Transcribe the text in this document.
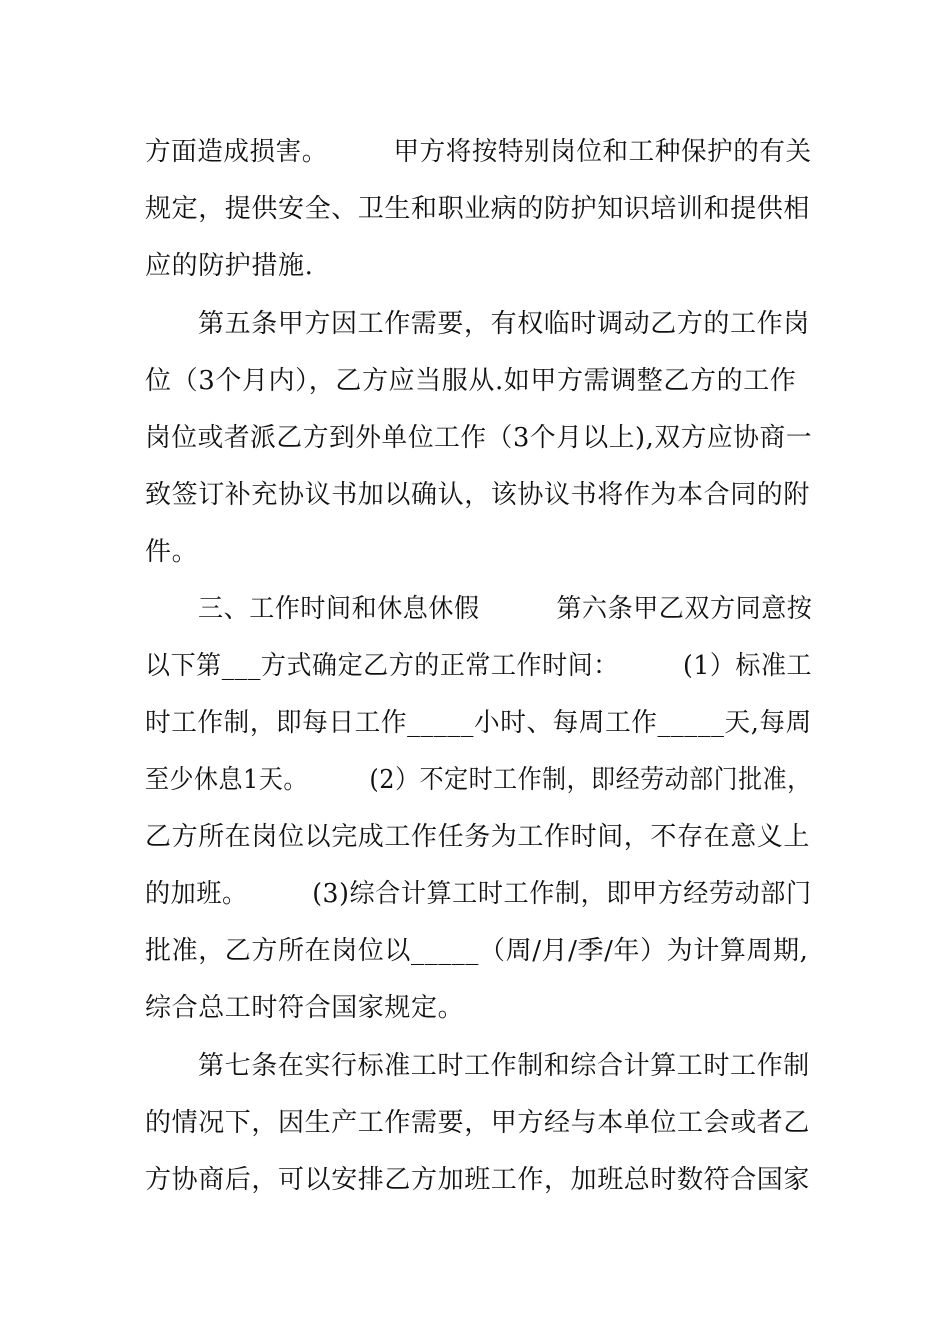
方面造成损害。　　　甲方将按特别岗位和工种保护的有关

规定，提供安全、卫生和职业病的防护知识培训和提供相

应的防护措施.

第五条甲方因工作需要，有权临时调动乙方的工作岗

位（3个月内），乙方应当服从.如甲方需调整乙方的工作

岗位或者派乙方到外单位工作（3个月以上),双方应协商一

致签订补充协议书加以确认，该协议书将作为本合同的附

件。

三、工作时间和休息休假　　　第六条甲乙双方同意按

以下第___方式确定乙方的正常工作时间：　　　(1）标准工

时工作制，即每日工作_____小时、每周工作_____天,每周

至少休息1天。　　　(2）不定时工作制，即经劳动部门批准，

乙方所在岗位以完成工作任务为工作时间，不存在意义上

的加班。　　　(3)综合计算工时工作制，即甲方经劳动部门

批准，乙方所在岗位以_____（周/月/季/年）为计算周期,

综合总工时符合国家规定。

第七条在实行标准工时工作制和综合计算工时工作制

的情况下，因生产工作需要，甲方经与本单位工会或者乙

方协商后，可以安排乙方加班工作，加班总时数符合国家
